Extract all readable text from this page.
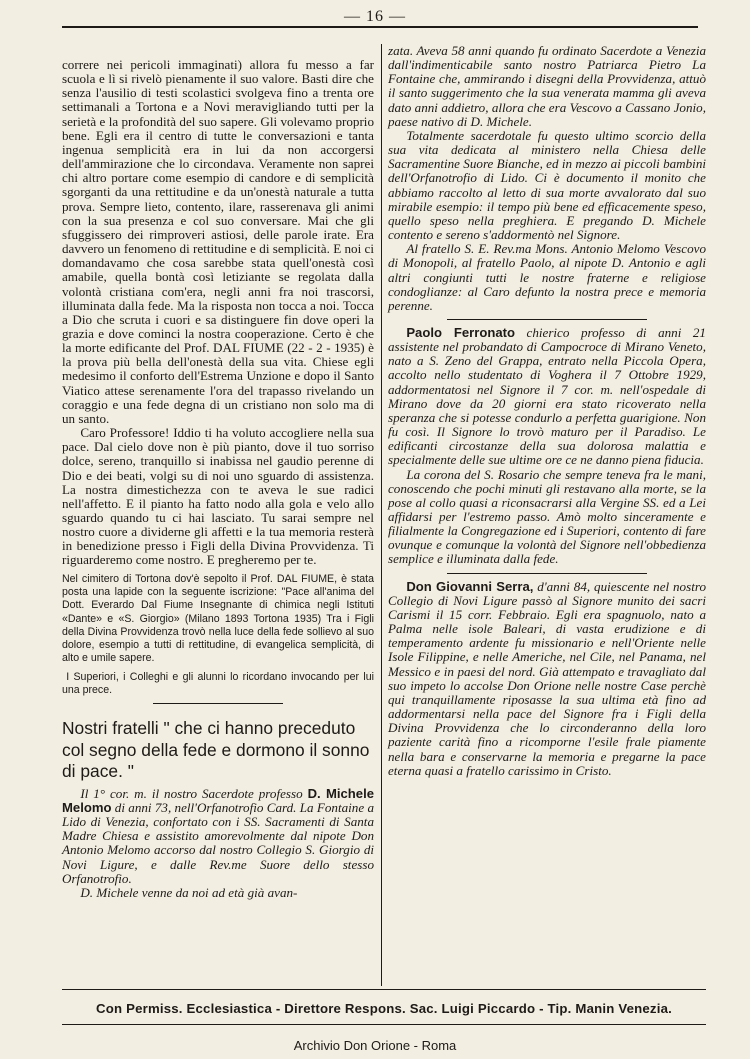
— 16 —

correre nei pericoli immaginati) allora fu messo a far scuola e lì si rivelò pienamente il suo valore. Basti dire che senza l'ausilio di testi scolastici svolgeva fino a trenta ore settimanali a Tortona e a Novi meravigliando tutti per la serietà e la profondità del suo sapere. Gli volevamo proprio bene. Egli era il centro di tutte le conversazioni e tanta ingenua semplicità era in lui da non accorgersi dell'ammirazione che lo circondava. Veramente non saprei chi altro portare come esempio di candore e di semplicità sgorganti da una rettitudine e da un'onestà naturale a tutta prova. Sempre lieto, contento, ilare, rasserenava gli animi con la sua presenza e col suo conversare. Mai che gli sfuggissero dei rimproveri astiosi, delle parole irate. Era davvero un fenomeno di rettitudine e di semplicità. E noi ci domandavamo che cosa sarebbe stata quell'onestà così amabile, quella bontà così letiziante se regolata dalla volontà cristiana com'era, negli anni fra noi trascorsi, illuminata dalla fede. Ma la risposta non tocca a noi. Tocca a Dio che scruta i cuori e sa distinguere fin dove operi la grazia e dove cominci la nostra cooperazione. Certo è che la morte edificante del Prof. DAL FIUME (22 - 2 - 1935) è la prova più bella dell'onestà della sua vita. Chiese egli medesimo il conforto dell'Estrema Unzione e dopo il Santo Viatico attese serenamente l'ora del trapasso rivelando un coraggio e una fede degna di un cristiano non solo ma di un santo.

Caro Professore! Iddio ti ha voluto accogliere nella sua pace. Dal cielo dove non è più pianto, dove il tuo sorriso dolce, sereno, tranquillo si inabissa nel gaudio perenne di Dio e dei beati, volgi su di noi uno sguardo di assistenza. La nostra dimestichezza con te aveva le sue radici nell'affetto. E il pianto ha fatto nodo alla gola e velo allo sguardo quando tu ci hai lasciato. Tu sarai sempre nel nostro cuore a dividerne gli affetti e la tua memoria resterà in benedizione presso i Figli della Divina Provvidenza. Ti riguarderemo come nostro. E pregheremo per te.

Nel cimitero di Tortona dov'è sepolto il Prof. DAL FIUME, è stata posta una lapide con la seguente iscrizione: "Pace all'anima del Dott. Everardo Dal Fiume Insegnante di chimica negli Istituti «Dante» e «S. Giorgio» (Milano 1893 Tortona 1935) Tra i Figli della Divina Provvidenza trovò nella luce della fede sollievo al suo dolore, esempio a tutti di rettitudine, di evangelica semplicità, di alto e umile sapere.

I Superiori, i Colleghi e gli alunni lo ricordano invocando per lui una prece.

Nostri fratelli " che ci hanno preceduto col segno della fede e dormono il sonno di pace. "

Il 1° cor. m. il nostro Sacerdote professo D. Michele Melomo di anni 73, nell'Orfanotrofio Card. La Fontaine a Lido di Venezia, confortato con i SS. Sacramenti di Santa Madre Chiesa e assistito amorevolmente dal nipote Don Antonio Melomo accorso dal nostro Collegio S. Giorgio di Novi Ligure, e dalle Rev.me Suore dello stesso Orfanotrofio.

D. Michele venne da noi ad età già avan-

zata. Aveva 58 anni quando fu ordinato Sacerdote a Venezia dall'indimenticabile santo nostro Patriarca Pietro La Fontaine che, ammirando i disegni della Provvidenza, attuò il santo suggerimento che la sua venerata mamma gli aveva dato anni addietro, allora che era Vescovo a Cassano Jonio, paese nativo di D. Michele.

Totalmente sacerdotale fu questo ultimo scorcio della sua vita dedicata al ministero nella Chiesa delle Sacramentine Suore Bianche, ed in mezzo ai piccoli bambini dell'Orfanotrofio di Lido. Ci è documento il monito che abbiamo raccolto al letto di sua morte avvalorato dal suo mirabile esempio: il tempo più bene ed efficacemente speso, quello speso nella preghiera. E pregando D. Michele contento e sereno s'addormentò nel Signore.

Al fratello S. E. Rev.ma Mons. Antonio Melomo Vescovo di Monopoli, al fratello Paolo, al nipote D. Antonio e agli altri congiunti tutti le nostre fraterne e religiose condoglianze: al Caro defunto la nostra prece e memoria perenne.

Paolo Ferronato chierico professo di anni 21 assistente nel probandato di Campocroce di Mirano Veneto, nato a S. Zeno del Grappa, entrato nella Piccola Opera, accolto nello studentato di Voghera il 7 Ottobre 1929, addormentatosi nel Signore il 7 cor. m. nell'ospedale di Mirano dove da 20 giorni era stato ricoverato nella speranza che si potesse condurlo a perfetta guarigione. Non fu così. Il Signore lo trovò maturo per il Paradiso. Le edificanti circostanze della sua dolorosa malattia e specialmente delle sue ultime ore ce ne danno piena fiducia.

La corona del S. Rosario che sempre teneva fra le mani, conoscendo che pochi minuti gli restavano alla morte, se la pose al collo quasi a riconsacrarsi alla Vergine SS. ed a Lei affidarsi per l'estremo passo. Amò molto sinceramente e filialmente la Congregazione ed i Superiori, contento di fare ovunque e comunque la volontà del Signore nell'obbedienza semplice e illuminata dalla fede.

Don Giovanni Serra, d'anni 84, quiescente nel nostro Collegio di Novi Ligure passò al Signore munito dei sacri Carismi il 15 corr. Febbraio. Egli era spagnuolo, nato a Palma nelle isole Baleari, di vasta erudizione e di temperamento ardente fu missionario e nell'Oriente nelle Isole Filippine, e nelle Americhe, nel Cile, nel Panama, nel Messico e in paesi del nord. Già attempato e travagliato dal suo impeto lo accolse Don Orione nelle nostre Case perchè qui tranquillamente riposasse la sua ultima età fino ad addormentarsi nella pace del Signore fra i Figli della Divina Provvidenza che lo circonderanno della loro paziente carità fino a ricomporne l'esile frale piamente nella bara e conservarne la memoria e pregarne la pace eterna quasi a fratello carissimo in Cristo.

Con Permiss. Ecclesiastica - Direttore Respons. Sac. Luigi Piccardo - Tip. Manin Venezia.
Archivio Don Orione - Roma
